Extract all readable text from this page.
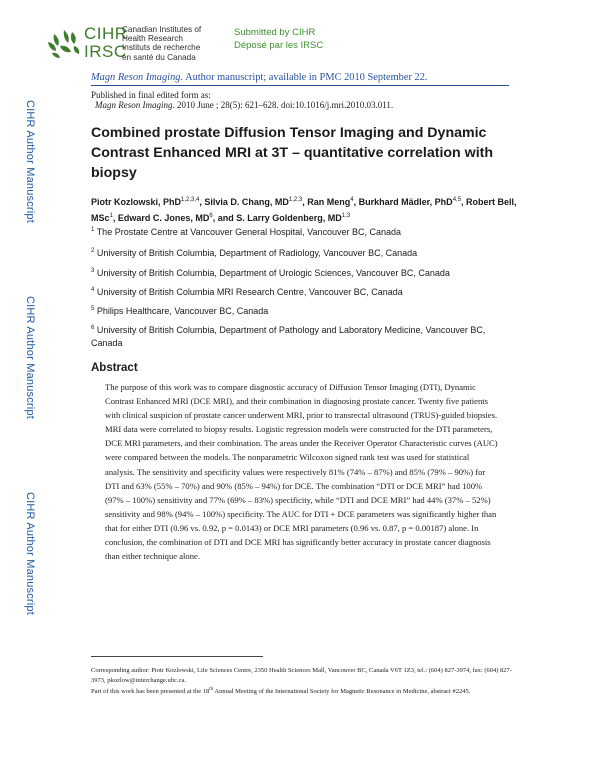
CIHR
IRSC
Canadian Institutes of
Health Research
Instituts de recherche
en santé du Canada
Submitted by CIHR
Déposé par les IRSC
Magn Reson Imaging. Author manuscript; available in PMC 2010 September 22.
Published in final edited form as:
Magn Reson Imaging. 2010 June ; 28(5): 621–628. doi:10.1016/j.mri.2010.03.011.
CIHR Author Manuscript
CIHR Author Manuscript
CIHR Author Manuscript
Combined prostate Diffusion Tensor Imaging and Dynamic Contrast Enhanced MRI at 3T – quantitative correlation with biopsy
Piotr Kozlowski, PhD$^{1,2,3,4}$, Silvia D. Chang, MD$^{1,2,3}$, Ran Meng$^4$, Burkhard Mädler, PhD$^{4,5}$, Robert Bell, MSc$^1$, Edward C. Jones, $MD^6$, and S. Larry Goldenberg, MD$^{1,3}$
$^1$ The Prostate Centre at Vancouver General Hospital, Vancouver BC, Canada
$^2$ University of British Columbia, Department of Radiology, Vancouver BC, Canada
$^3$ University of British Columbia, Department of Urologic Sciences, Vancouver BC, Canada
$^4$ University of British Columbia MRI Research Centre, Vancouver BC, Canada
$^5$ Philips Healthcare, Vancouver BC, Canada
$^6$ University of British Columbia, Department of Pathology and Laboratory Medicine, Vancouver BC, Canada
Abstract
The purpose of this work was to compare diagnostic accuracy of Diffusion Tensor Imaging (DTI), Dynamic Contrast Enhanced MRI (DCE MRI), and their combination in diagnosing prostate cancer. Twenty five patients with clinical suspicion of prostate cancer underwent MRI, prior to transrectal ultrasound (TRUS)-guided biopsies. MRI data were correlated to biopsy results. Logistic regression models were constructed for the DTI parameters, DCE MRI parameters, and their combination. The areas under the Receiver Operator Characteristic curves (AUC) were compared between the models. The nonparametric Wilcoxon signed rank test was used for statistical analysis. The sensitivity and specificity values were respectively 81% (74% – 87%) and 85% (79% – 90%) for DTI and 63% (55% – 70%) and 90% (85% – 94%) for DCE. The combination “DTI or DCE MRI” had 100% (97% – 100%) sensitivity and 77% (69% – 83%) specificity, while “DTI and DCE MRI” had 44% (37% – 52%) sensitivity and 98% (94% – 100%) specificity. The AUC for DTI + DCE parameters was significantly higher than that for either DTI (0.96 vs. 0.92, p = 0.0143) or DCE MRI parameters (0.96 vs. 0.87, p = 0.00187) alone. In conclusion, the combination of DTI and DCE MRI has significantly better accuracy in prostate cancer diagnosis than either technique alone.
Corresponding author: Piotr Kozlowski, Life Sciences Centre, 2350 Health Sciences Mall, Vancouver BC, Canada V6T 1Z3, tel.: (604) 827-3974, fax: (604) 827-3973, pkozlow@interchange.ubc.ca.
Part of this work has been presented at the 18th Annual Meeting of the International Society for Magnetic Resonance in Medicine, abstract #2245.
